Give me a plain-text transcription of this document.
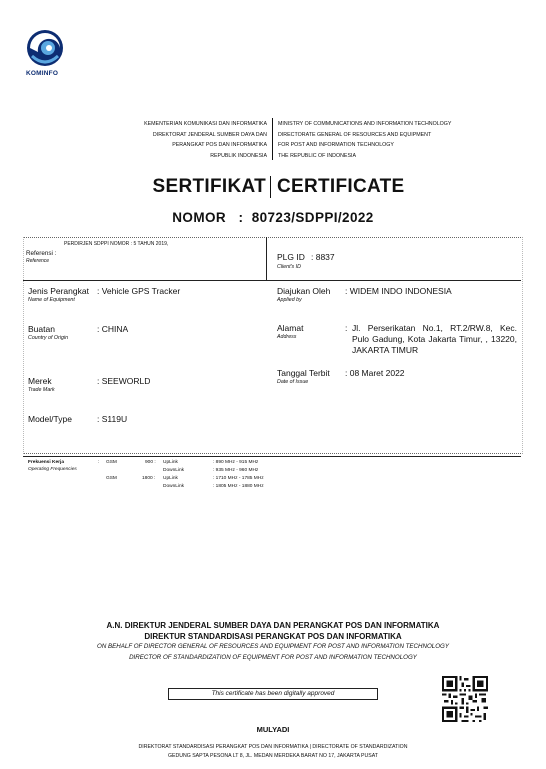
KOMINFO
KEMENTERIAN KOMUNIKASI DAN INFORMATIKA
DIREKTORAT JENDERAL SUMBER DAYA DAN
PERANGKAT POS DAN INFORMATIKA
REPUBLIK INDONESIA
MINISTRY OF COMMUNICATIONS AND INFORMATION TECHNOLOGY
DIRECTORATE GENERAL OF RESOURCES AND EQUIPMENT
FOR POST AND INFORMATION TECHNOLOGY
THE REPUBLIC OF INDONESIA
SERTIFIKAT CERTIFICATE
NOMOR : 80723/SDPPI/2022
PERDIRJEN SDPPI NOMOR : 5 TAHUN 2019,
Referensi :
Reference	PLG ID : 8837
Client's ID
Jenis Perangkat
Name of Equipment
: Vehicle GPS Tracker
Buatan
Country of Origin
: CHINA
Merek
Trade Mark
: SEEWORLD
Model/Type	: S119U
Diajukan Oleh
Applied by
: WIDEM INDO INDONESIA
Alamat
Address
: Jl. Perserikatan No.1, RT.2/RW.8, Kec. Pulo Gadung, Kota Jakarta Timur, , 13220, JAKARTA TIMUR
Tanggal Terbit
Date of Issue
: 08 Maret 2022
Frekuensi Kerja
Operating Frequencies
: GSM	900 : UpLink	: 890 MHz - 915 MHz
DownLink	: 935 MHz - 960 MHz
GSM	1800 : UpLink	: 1710 MHz - 1785 MHz
DownLink	: 1805 MHz - 1880 MHz
A.N. DIREKTUR JENDERAL SUMBER DAYA DAN PERANGKAT POS DAN INFORMATIKA
DIREKTUR STANDARDISASI PERANGKAT POS DAN INFORMATIKA
ON BEHALF OF DIRECTOR GENERAL OF RESOURCES AND EQUIPMENT FOR POST AND INFORMATION TECHNOLOGY
DIRECTOR OF STANDARDIZATION OF EQUIPMENT FOR POST AND INFORMATION TECHNOLOGY
This certificate has been digitally approved
MULYADI
DIREKTORAT STANDARDISASI PERANGKAT POS DAN INFORMATIKA | DIRECTORATE OF STANDARDIZATION
GEDUNG SAPTA PESONA LT 8, JL. MEDAN MERDEKA BARAT NO 17, JAKARTA PUSAT
